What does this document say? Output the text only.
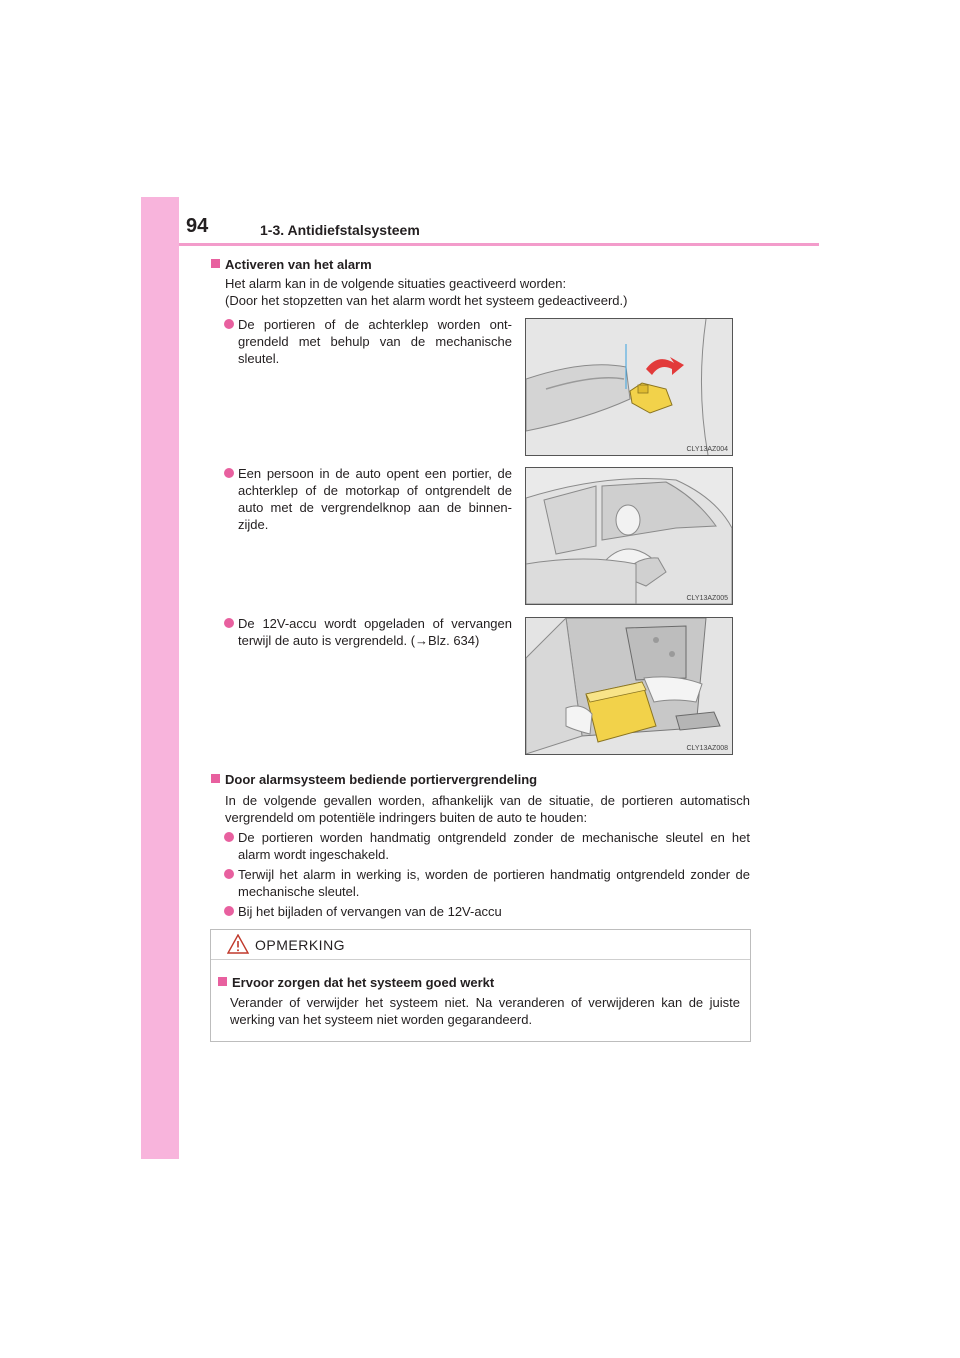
94	1-3. Antidiefstalsysteem
Activeren van het alarm
Het alarm kan in de volgende situaties geactiveerd worden:
(Door het stopzetten van het alarm wordt het systeem gedeactiveerd.)
De portieren of de achterklep worden ont-grendeld met behulp van de mechanische sleutel.
Een persoon in de auto opent een portier, de achterklep of de motorkap of ontgrendelt de auto met de vergrendelknop aan de binnen-zijde.
De 12V-accu wordt opgeladen of vervangen terwijl de auto is vergrendeld. (→Blz. 634)
CLY13AZ004
CLY13AZ005
CLY13AZ008
Door alarmsysteem bediende portiervergrendeling
In de volgende gevallen worden, afhankelijk van de situatie, de portieren automatisch vergrendeld om potentiële indringers buiten de auto te houden:
De portieren worden handmatig ontgrendeld zonder de mechanische sleutel en het alarm wordt ingeschakeld.
Terwijl het alarm in werking is, worden de portieren handmatig ontgrendeld zonder de mechanische sleutel.
Bij het bijladen of vervangen van de 12V-accu
OPMERKING
Ervoor zorgen dat het systeem goed werkt
Verander of verwijder het systeem niet. Na veranderen of verwijderen kan de juiste werking van het systeem niet worden gegarandeerd.
